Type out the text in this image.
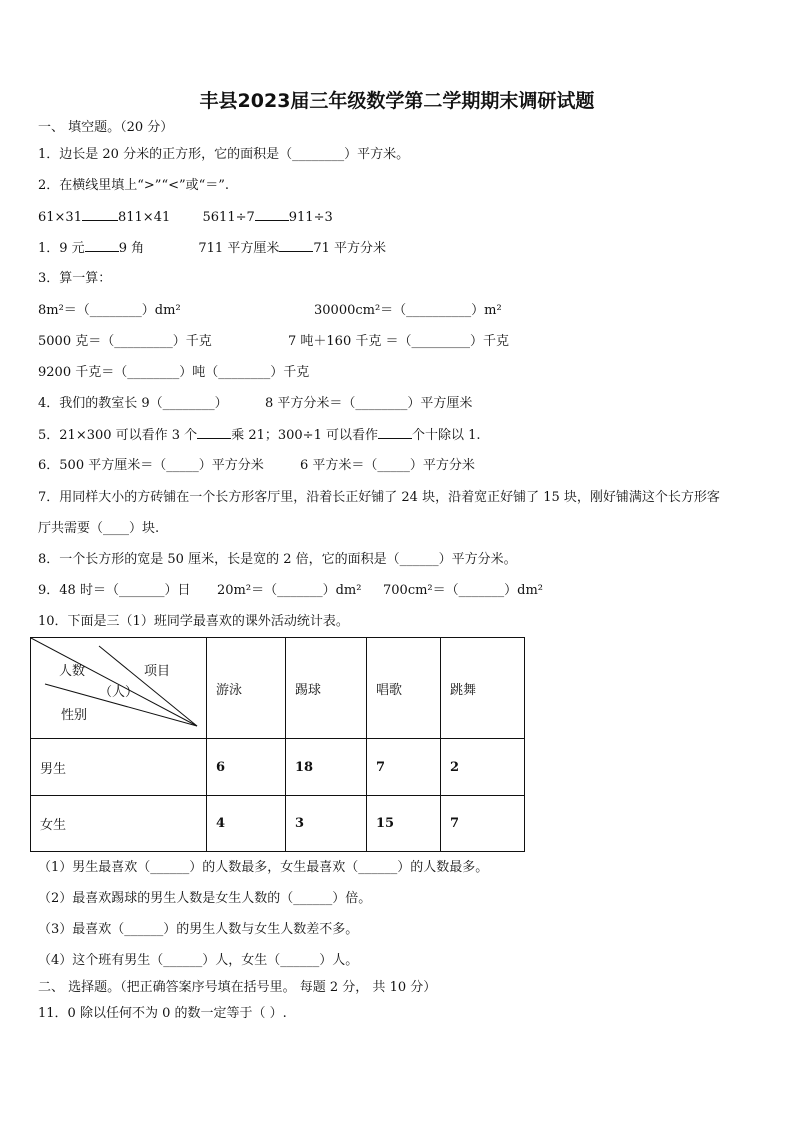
丰县2023届三年级数学第二学期期末调研试题
一、 填空题。（20 分）
1．边长是 20 分米的正方形，它的面积是（________）平方米。
2．在横线里填上“>”“<”或“＝”.
61×31	811×41 5611÷7	911÷3
1．9 元	9 角	711 平方厘米	71 平方分米
3．算一算：
8m²＝（________）dm²	30000cm²＝（__________）m²
5000 克＝（_________）千克	7 吨＋160 千克 ＝（_________）千克
9200 千克＝（________）吨（________）千克
4．我们的教室长 9（________）	8 平方分米＝（________）平方厘米
5．21×300 可以看作 3 个	乘 21；300÷1 可以看作	个十除以 1.
6．500 平方厘米＝（_____）平方分米	6 平方米＝（_____）平方分米
7．用同样大小的方砖铺在一个长方形客厅里，沿着长正好铺了 24 块，沿着宽正好铺了 15 块，刚好铺满这个长方形客
厅共需要（____）块.
8．一个长方形的宽是 50 厘米，长是宽的 2 倍，它的面积是（______）平方分米。
9．48 时＝（_______）日 20m²＝（_______）dm² 700cm²＝（_______）dm²
10．下面是三（1）班同学最喜欢的课外活动统计表。
人数 项目
（人）
性别	游泳	踢球	唱歌	跳舞
男生	6	18	7	2
女生	4	3	15	7
（1）男生最喜欢（______）的人数最多，女生最喜欢（______）的人数最多。
（2）最喜欢踢球的男生人数是女生人数的（______）倍。
（3）最喜欢（______）的男生人数与女生人数差不多。
（4）这个班有男生（______）人，女生（______）人。
二、 选择题。（把正确答案序号填在括号里。 每题 2 分， 共 10 分）
11．0 除以任何不为 0 的数一定等于（ ）.
